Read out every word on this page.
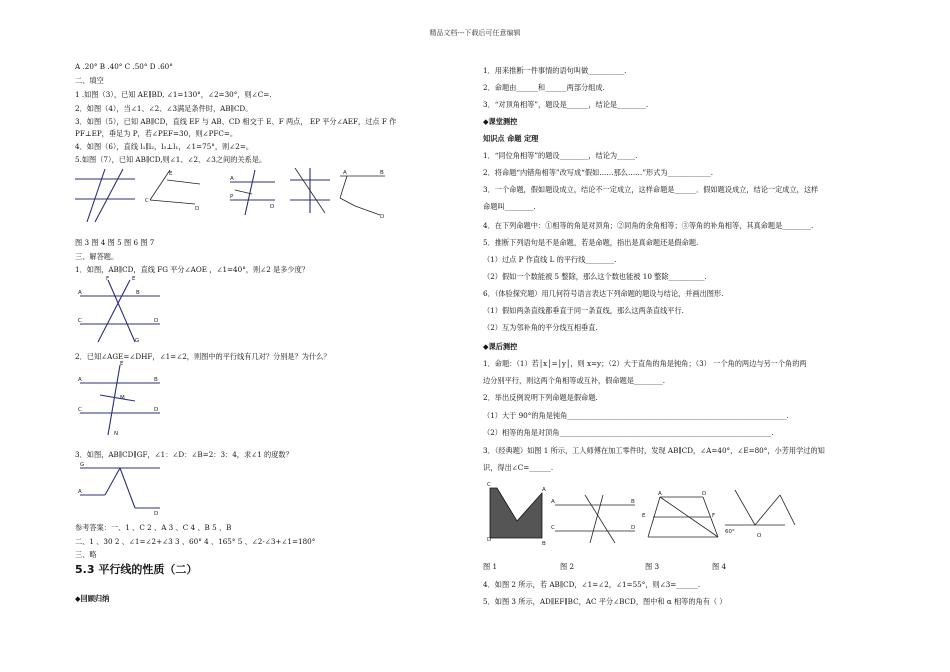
精品文档---下载后可任意编辑
A .20° B .40° C .50° D .60°
二、填空
1 .如图（3），已知 AE∥BD, ∠1=130°，∠2=30°，则∠C=.
2．如图（4），当∠1、∠2、∠3满足条件时，AB∥CD。
3．如图（5），已知 AB∥CD，直线 EF 与 AB、CD 相交于 E、F 两点， EP 平分∠AEF，过点 F 作
PF⊥EP，垂足为 P，若∠PEF=30，则∠PFC=。
4．如图（6），直线 l₁∥l₂，l₃⊥l₁，∠1=75°，则∠2=。
5.如图（7），已知 AB∥CD,则∠1、∠2、∠3之间的关系是。
E
C
D
A
P
D
A	B
D
图 3 图 4 图 5 图 6 图 7
三、解答题。
1．如图，AB∥CD，直线 FG 平分∠AOE ，∠1=40°，则∠2 是多少度？
A	B
C	D
F	E
G
2．已知∠AGE=∠DHF，∠1=∠2，则图中的平行线有几对？分别是？为什么？
A	B
C	D
E
M
N
3．如图，AB∥CD∥GF，∠1：∠D：∠B=2：3：4，求∠1 的度数？
G
A
D
参考答案：一、1 、C 2 、A 3 、C 4 、B 5 、B
二、1 、30 2 、∠1=∠2+∠3 3 、60° 4 、165° 5 、∠2-∠3+∠1=180°
三、略
5.3 平行线的性质（二）
◆回顾归纳
1．用来推断一件事情的语句叫做__________.
2．命题由______和______两部分组成.
3．“对顶角相等”，题设是______，结论是________.
◆课堂测控
知识点 命题 定理
1．“同位角相等”的题设________，结论为_____.
2．将命题“内错角相等”改写成“假如……那么……”形式为____________.
3．一个命题，假如题设成立，结论不一定成立，这样命题是______．假如题设成立，结论一定成立，这样
命题叫________.
4．在下列命题中：①相等的角是对顶角；②同角的余角相等；③等角的补角相等，其真命题是________.
5．推断下列语句是不是命题，若是命题，指出是真命题还是假命题.
（1）过点 P 作直线 L 的平行线________.
（2）假如一个数能被 5 整除，那么这个数也能被 10 整除__________.
6．（体验探究题）用几何符号语言表达下列命题的题设与结论，并画出图形.
（1）假如两条直线都垂直于同一条直线，那么这两条直线平行.
（2）互为邻补角的平分线互相垂直.
◆课后测控
1．命题：（1）若│x│=│y│，则 x=y；（2）大于直角的角是钝角；（3） 一个角的两边与另一个角的两
边分别平行，则这两个角相等或互补，假命题是________.
2．举出反例说明下列命题是假命题.
（1）大于 90°的角是钝角_____________________________________________________________.
（2）相等的角是对顶角___________________________________________________________.
3．（经典题）如图 1 所示，工人师傅在加工零件时，发现 AB∥CD，∠A=40°，∠E=80°，小芳用学过的知
识，得出∠C=______.
C
A
D
B
A	B
C	D
A	D
E	F
60°
O
图 1	图 2	图 3	图 4
4．如图 2 所示，若 AB∥CD，∠1=∠2，∠1=55°，则∠3=______.
5．如图 3 所示，AD∥EF∥BC，AC 平分∠BCD，图中和 α 相等的角有（ ）
